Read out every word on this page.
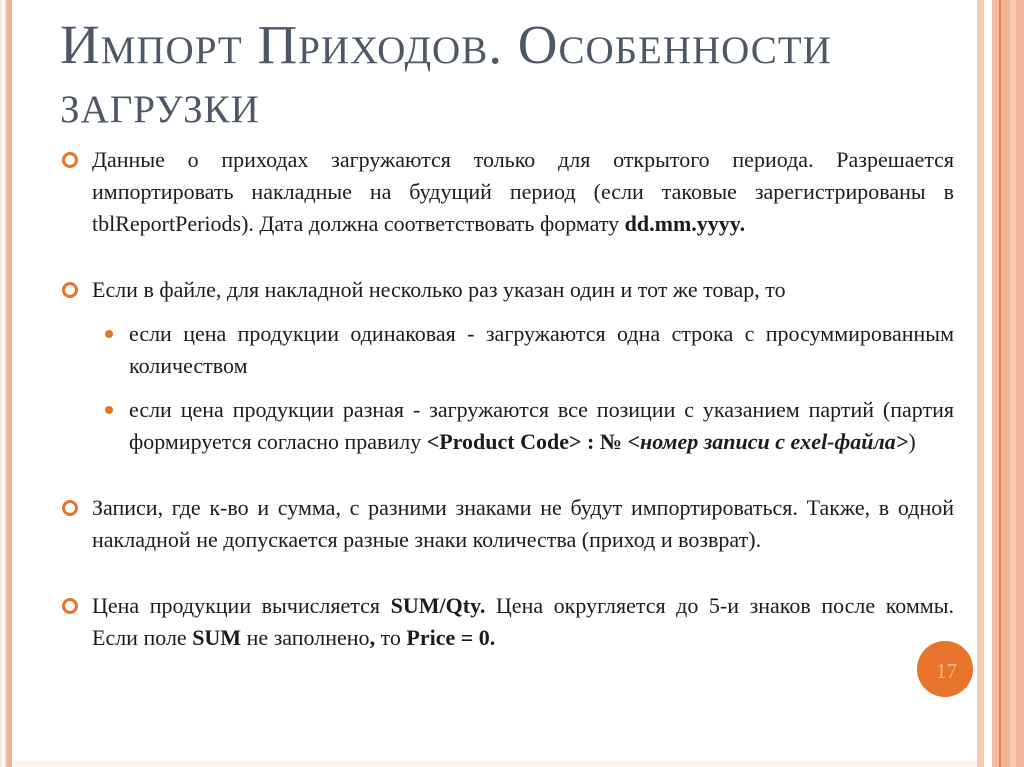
17
Импорт Приходов. Особенности
загрузки

Данные о приходах загружаются только для открытого периода. Разрешается импортировать накладные на будущий период (если таковые зарегистрированы в tblReportPeriods). Дата должна соответствовать формату dd.mm.yyyy.

Если в файле, для накладной несколько раз указан один и тот же товар, то

если цена продукции одинаковая - загружаются одна строка с просуммированным количеством

если цена продукции разная - загружаются все позиции с указанием партий (партия формируется согласно правилу <Product Code> : № <номер записи с exel-файла>)

Записи, где к-во и сумма, с разними знаками не будут импортироваться. Также, в одной накладной не допускается разные знаки количества (приход и возврат).

Цена продукции вычисляется SUM/Qty. Цена округляется до 5-и знаков после коммы. Если поле SUM не заполнено, то Price = 0.
